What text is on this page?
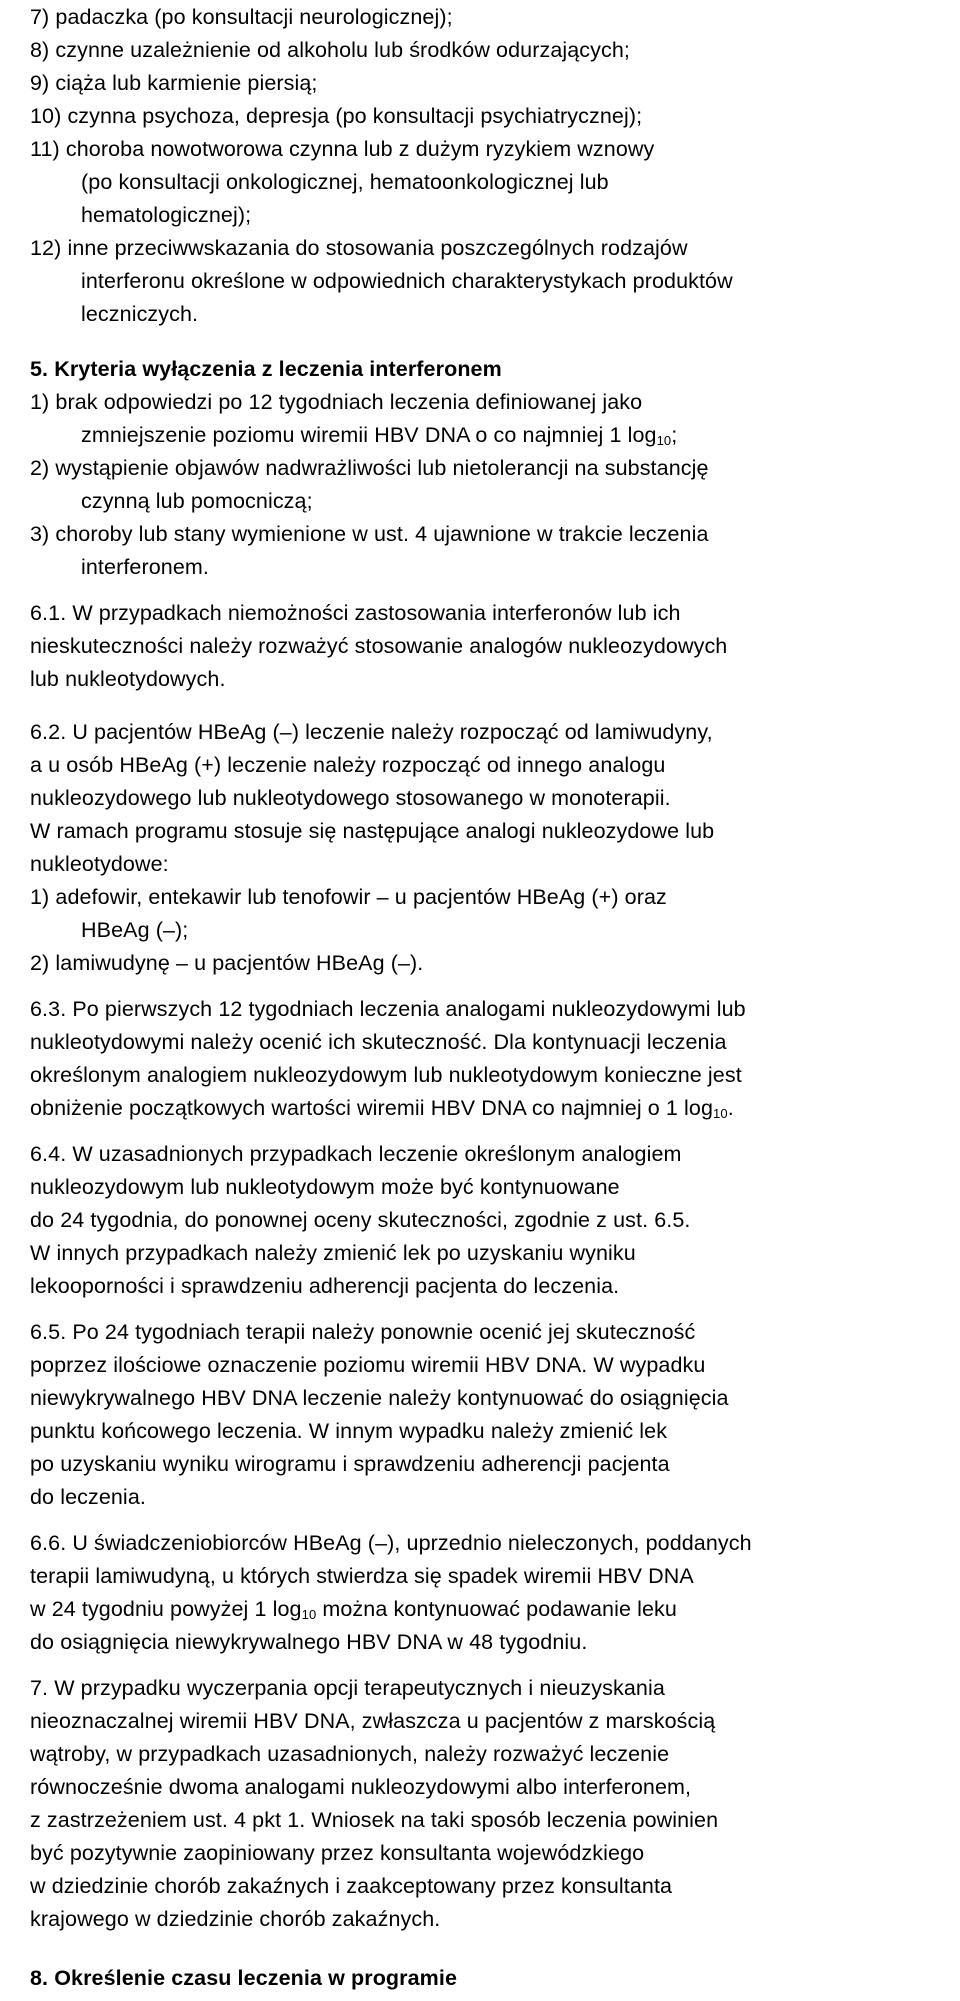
7) padaczka (po konsultacji neurologicznej);
8) czynne uzależnienie od alkoholu lub środków odurzających;
9) ciąża lub karmienie piersią;
10) czynna psychoza, depresja (po konsultacji psychiatrycznej);
11) choroba nowotworowa czynna lub z dużym ryzykiem wznowy
(po konsultacji onkologicznej, hematoonkologicznej lub
hematologicznej);
12) inne przeciwwskazania do stosowania poszczególnych rodzajów
interferonu określone w odpowiednich charakterystykach produktów
leczniczych.
5. Kryteria wyłączenia z leczenia interferonem
1) brak odpowiedzi po 12 tygodniach leczenia definiowanej jako
zmniejszenie poziomu wiremii HBV DNA o co najmniej 1 $\log_{10}$;
2) wystąpienie objawów nadwrażliwości lub nietolerancji na substancję
czynną lub pomocniczą;
3) choroby lub stany wymienione w ust. 4 ujawnione w trakcie leczenia
interferonem.
6.1. W przypadkach niemożności zastosowania interferonów lub ich
nieskuteczności należy rozważyć stosowanie analogów nukleozydowych
lub nukleotydowych.
6.2. U pacjentów HBeAg (–) leczenie należy rozpocząć od lamiwudyny,
a u osób HBeAg (+) leczenie należy rozpocząć od innego analogu
nukleozydowego lub nukleotydowego stosowanego w monoterapii.
W ramach programu stosuje się następujące analogi nukleozydowe lub
nukleotydowe:
1) adefowir, entekawir lub tenofowir – u pacjentów HBeAg (+) oraz
HBeAg (–);
2) lamiwudynę – u pacjentów HBeAg (–).
6.3. Po pierwszych 12 tygodniach leczenia analogami nukleozydowymi lub
nukleotydowymi należy ocenić ich skuteczność. Dla kontynuacji leczenia
określonym analogiem nukleozydowym lub nukleotydowym konieczne jest
obniżenie początkowych wartości wiremii HBV DNA co najmniej o 1 $\log_{10}$.
6.4. W uzasadnionych przypadkach leczenie określonym analogiem
nukleozydowym lub nukleotydowym może być kontynuowane
do 24 tygodnia, do ponownej oceny skuteczności, zgodnie z ust. 6.5.
W innych przypadkach należy zmienić lek po uzyskaniu wyniku
lekooporności i sprawdzeniu adherencji pacjenta do leczenia.
6.5. Po 24 tygodniach terapii należy ponownie ocenić jej skuteczność
poprzez ilościowe oznaczenie poziomu wiremii HBV DNA. W wypadku
niewykrywalnego HBV DNA leczenie należy kontynuować do osiągnięcia
punktu końcowego leczenia. W innym wypadku należy zmienić lek
po uzyskaniu wyniku wirogramu i sprawdzeniu adherencji pacjenta
do leczenia.
6.6. U świadczeniobiorców HBeAg (–), uprzednio nieleczonych, poddanych
terapii lamiwudyną, u których stwierdza się spadek wiremii HBV DNA
w 24 tygodniu powyżej 1 $\log_{10}$ można kontynuować podawanie leku
do osiągnięcia niewykrywalnego HBV DNA w 48 tygodniu.
7. W przypadku wyczerpania opcji terapeutycznych i nieuzyskania
nieoznaczalnej wiremii HBV DNA, zwłaszcza u pacjentów z marskością
wątroby, w przypadkach uzasadnionych, należy rozważyć leczenie
równocześnie dwoma analogami nukleozydowymi albo interferonem,
z zastrzeżeniem ust. 4 pkt 1. Wniosek na taki sposób leczenia powinien
być pozytywnie zaopiniowany przez konsultanta wojewódzkiego
w dziedzinie chorób zakaźnych i zaakceptowany przez konsultanta
krajowego w dziedzinie chorób zakaźnych.
8. Określenie czasu leczenia w programie
